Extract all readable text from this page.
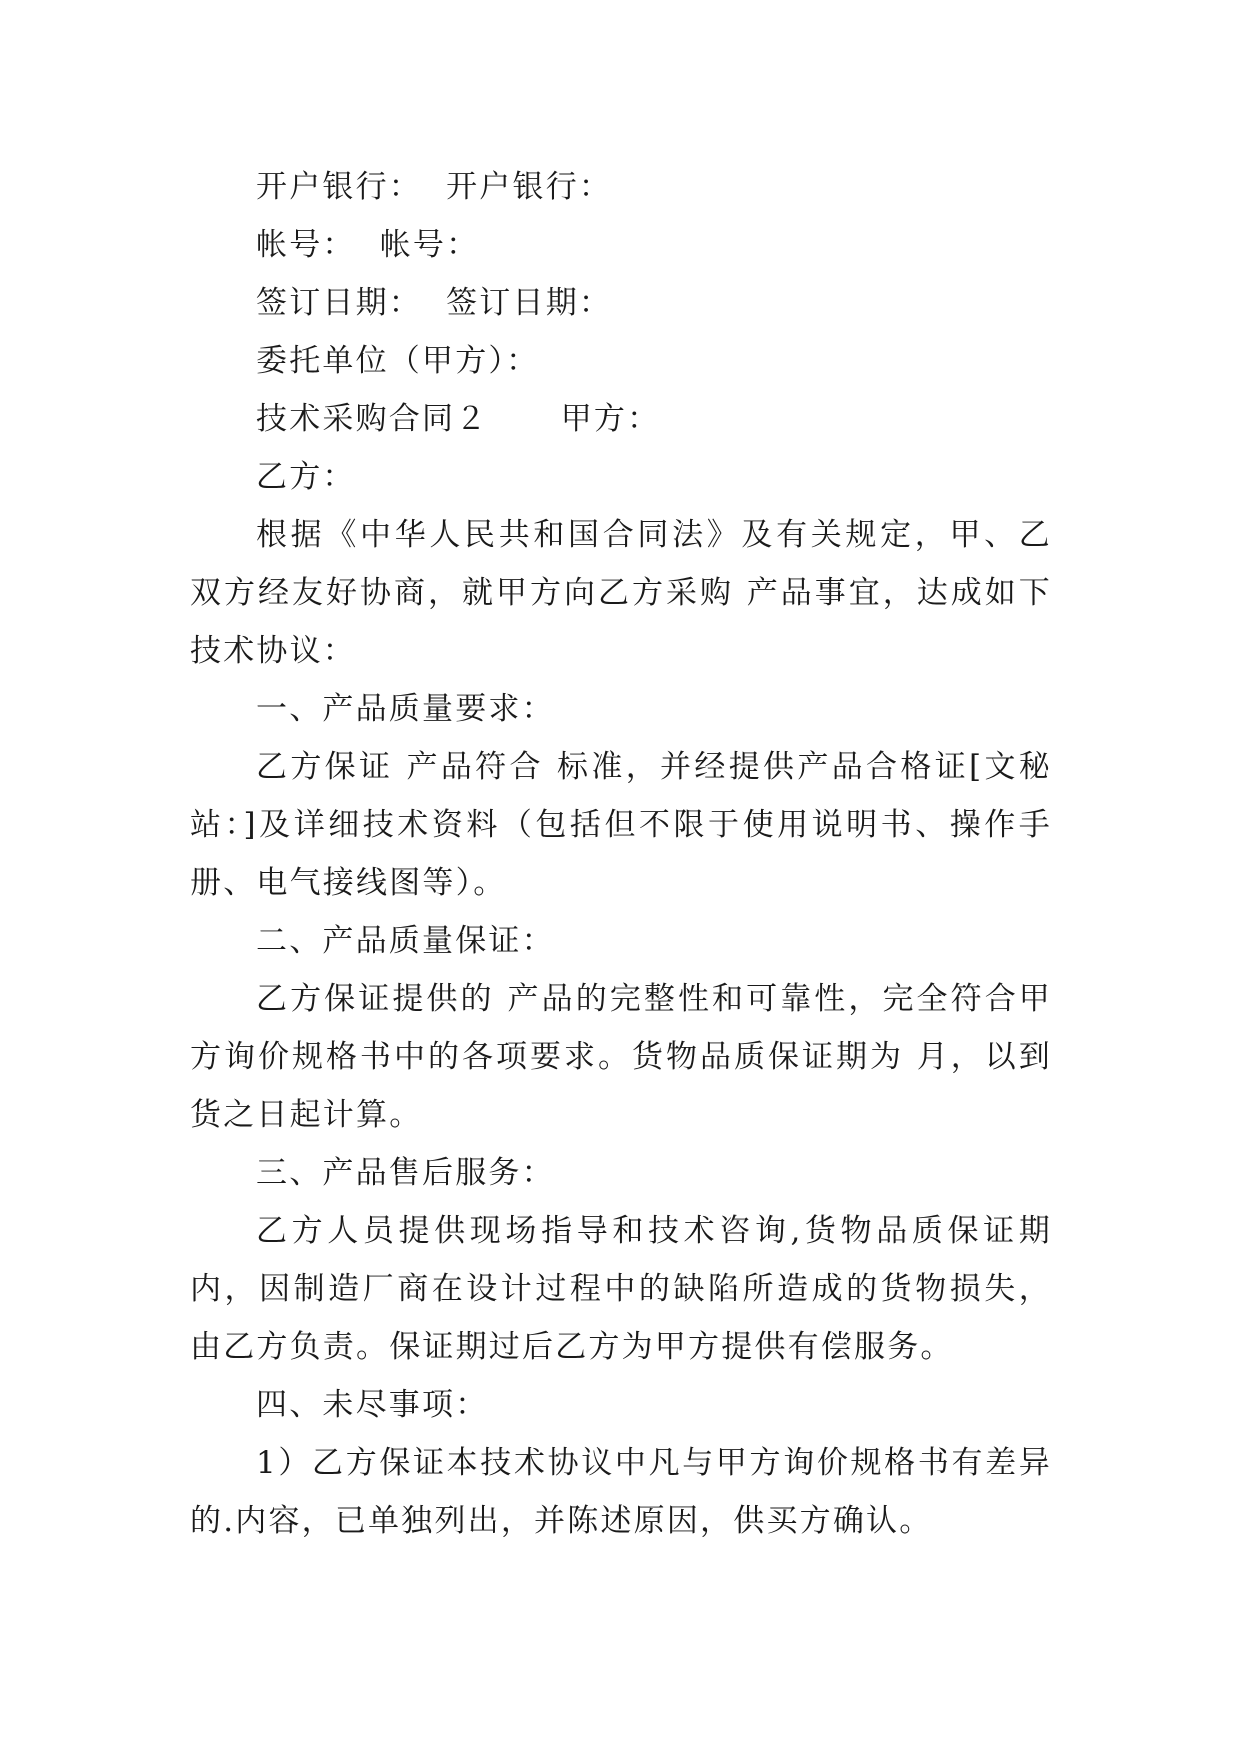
开户银行：  开户银行：

帐号：  帐号：

签订日期：  签订日期：

委托单位（甲方）：

技术采购合同２      甲方：

乙方：

根据《中华人民共和国合同法》及有关规定，甲、乙双方经友好协商，就甲方向乙方采购 产品事宜，达成如下技术协议：

一、产品质量要求：

乙方保证 产品符合 标准，并经提供产品合格证[文秘站：]及详细技术资料（包括但不限于使用说明书、操作手册、电气接线图等）。

二、产品质量保证：

乙方保证提供的 产品的完整性和可靠性，完全符合甲方询价规格书中的各项要求。货物品质保证期为 月，以到货之日起计算。

三、产品售后服务：

乙方人员提供现场指导和技术咨询,货物品质保证期内，因制造厂商在设计过程中的缺陷所造成的货物损失，由乙方负责。保证期过后乙方为甲方提供有偿服务。

四、未尽事项：

1）乙方保证本技术协议中凡与甲方询价规格书有差异的.内容，已单独列出，并陈述原因，供买方确认。
